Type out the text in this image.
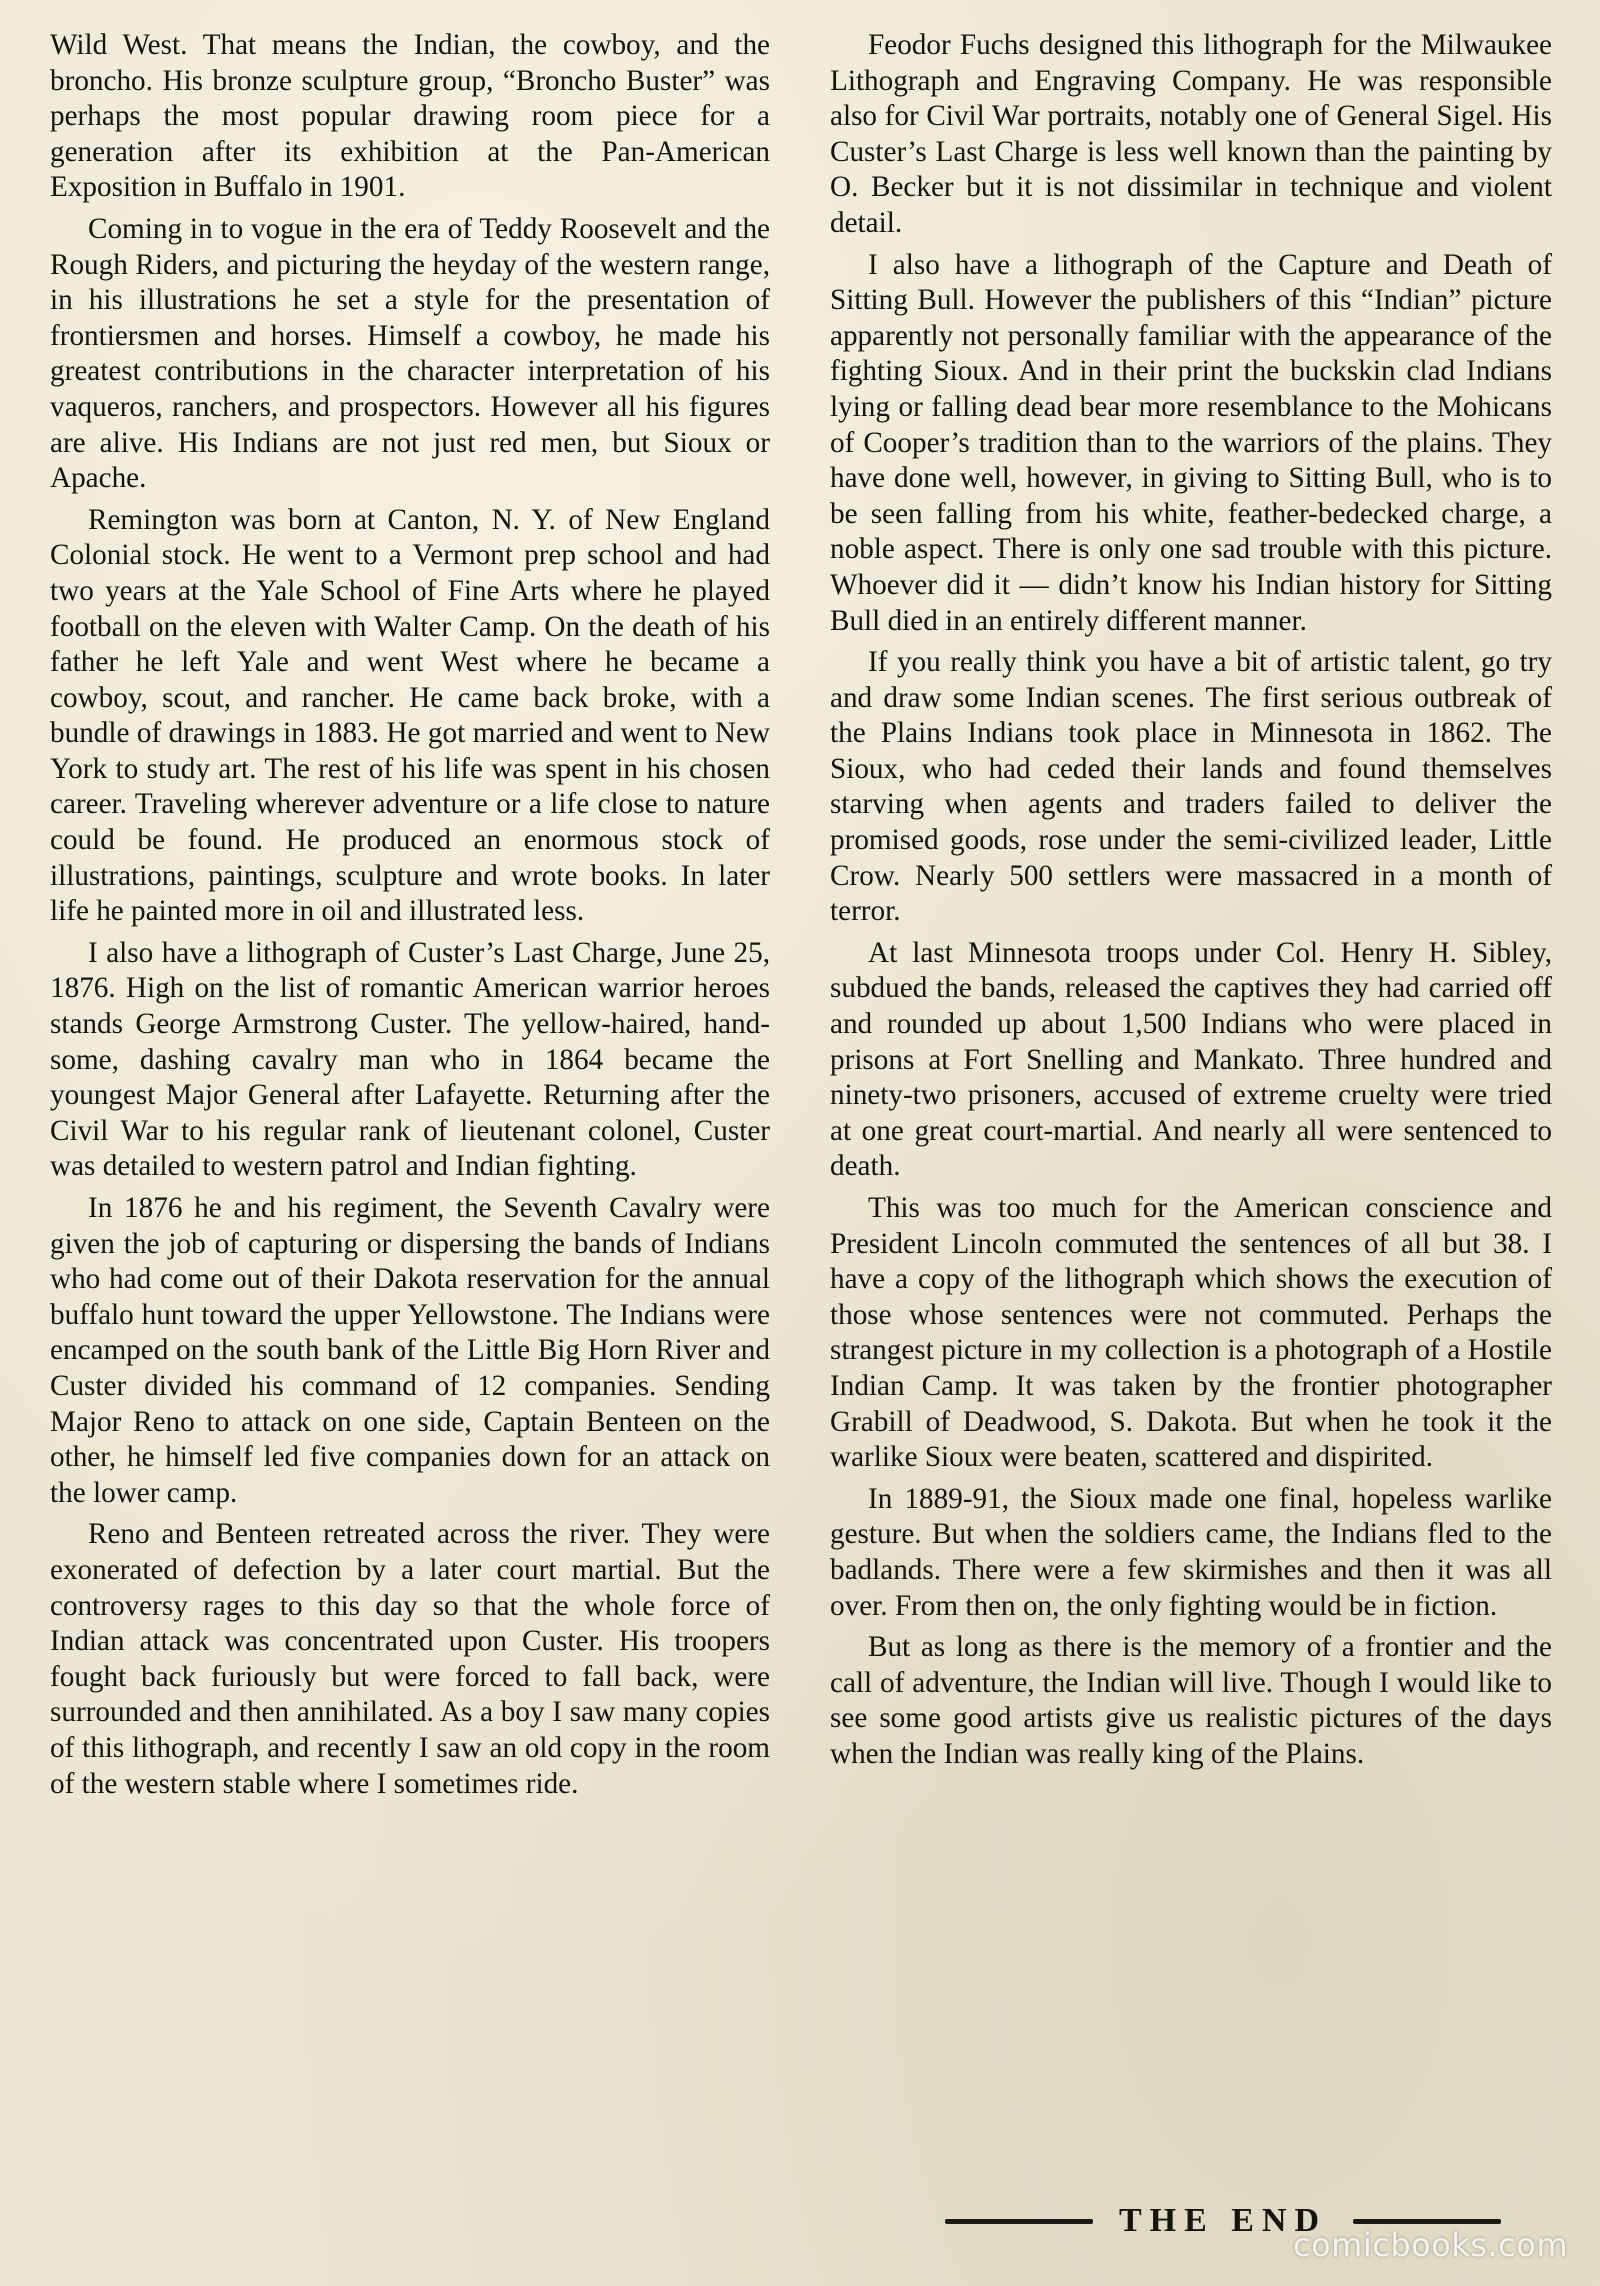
Wild West. That means the Indian, the cowboy, and the broncho. His bronze sculpture group, “Broncho Buster” was perhaps the most popular drawing room piece for a generation after its exhibition at the Pan-American Exposition in Buffalo in 1901.

Coming in to vogue in the era of Teddy Roosevelt and the Rough Riders, and picturing the heyday of the western range, in his illustrations he set a style for the presentation of frontiersmen and horses. Himself a cowboy, he made his greatest contributions in the character interpretation of his vaqueros, ranchers, and prospectors. However all his figures are alive. His Indians are not just red men, but Sioux or Apache.

Remington was born at Canton, N. Y. of New England Colonial stock. He went to a Vermont prep school and had two years at the Yale School of Fine Arts where he played football on the eleven with Walter Camp. On the death of his father he left Yale and went West where he became a cowboy, scout, and rancher. He came back broke, with a bundle of drawings in 1883. He got married and went to New York to study art. The rest of his life was spent in his chosen career. Traveling wherever adventure or a life close to nature could be found. He produced an enormous stock of illustrations, paintings, sculpture and wrote books. In later life he painted more in oil and illustrated less.

I also have a lithograph of Custer’s Last Charge, June 25, 1876. High on the list of romantic American warrior heroes stands George Armstrong Custer. The yellow-haired, handsome, dashing cavalry man who in 1864 became the youngest Major General after Lafayette. Returning after the Civil War to his regular rank of lieutenant colonel, Custer was detailed to western patrol and Indian fighting.

In 1876 he and his regiment, the Seventh Cavalry were given the job of capturing or dispersing the bands of Indians who had come out of their Dakota reservation for the annual buffalo hunt toward the upper Yellowstone. The Indians were encamped on the south bank of the Little Big Horn River and Custer divided his command of 12 companies. Sending Major Reno to attack on one side, Captain Benteen on the other, he himself led five companies down for an attack on the lower camp.

Reno and Benteen retreated across the river. They were exonerated of defection by a later court martial. But the controversy rages to this day so that the whole force of Indian attack was concentrated upon Custer. His troopers fought back furiously but were forced to fall back, were surrounded and then annihilated. As a boy I saw many copies of this lithograph, and recently I saw an old copy in the room of the western stable where I sometimes ride.

Feodor Fuchs designed this lithograph for the Milwaukee Lithograph and Engraving Company. He was responsible also for Civil War portraits, notably one of General Sigel. His Custer’s Last Charge is less well known than the painting by O. Becker but it is not dissimilar in technique and violent detail.

I also have a lithograph of the Capture and Death of Sitting Bull. However the publishers of this “Indian” picture apparently not personally familiar with the appearance of the fighting Sioux. And in their print the buckskin clad Indians lying or falling dead bear more resemblance to the Mohicans of Cooper’s tradition than to the warriors of the plains. They have done well, however, in giving to Sitting Bull, who is to be seen falling from his white, feather-bedecked charge, a noble aspect. There is only one sad trouble with this picture. Whoever did it — didn’t know his Indian history for Sitting Bull died in an entirely different manner.

If you really think you have a bit of artistic talent, go try and draw some Indian scenes. The first serious outbreak of the Plains Indians took place in Minnesota in 1862. The Sioux, who had ceded their lands and found themselves starving when agents and traders failed to deliver the promised goods, rose under the semi-civilized leader, Little Crow. Nearly 500 settlers were massacred in a month of terror.

At last Minnesota troops under Col. Henry H. Sibley, subdued the bands, released the captives they had carried off and rounded up about 1,500 Indians who were placed in prisons at Fort Snelling and Mankato. Three hundred and ninety-two prisoners, accused of extreme cruelty were tried at one great court-martial. And nearly all were sentenced to death.

This was too much for the American conscience and President Lincoln commuted the sentences of all but 38. I have a copy of the lithograph which shows the execution of those whose sentences were not commuted. Perhaps the strangest picture in my collection is a photograph of a Hostile Indian Camp. It was taken by the frontier photographer Grabill of Deadwood, S. Dakota. But when he took it the warlike Sioux were beaten, scattered and dispirited.

In 1889-91, the Sioux made one final, hopeless warlike gesture. But when the soldiers came, the Indians fled to the badlands. There were a few skirmishes and then it was all over. From then on, the only fighting would be in fiction.

But as long as there is the memory of a frontier and the call of adventure, the Indian will live. Though I would like to see some good artists give us realistic pictures of the days when the Indian was really king of the Plains.

THE END
comicbooks.com
